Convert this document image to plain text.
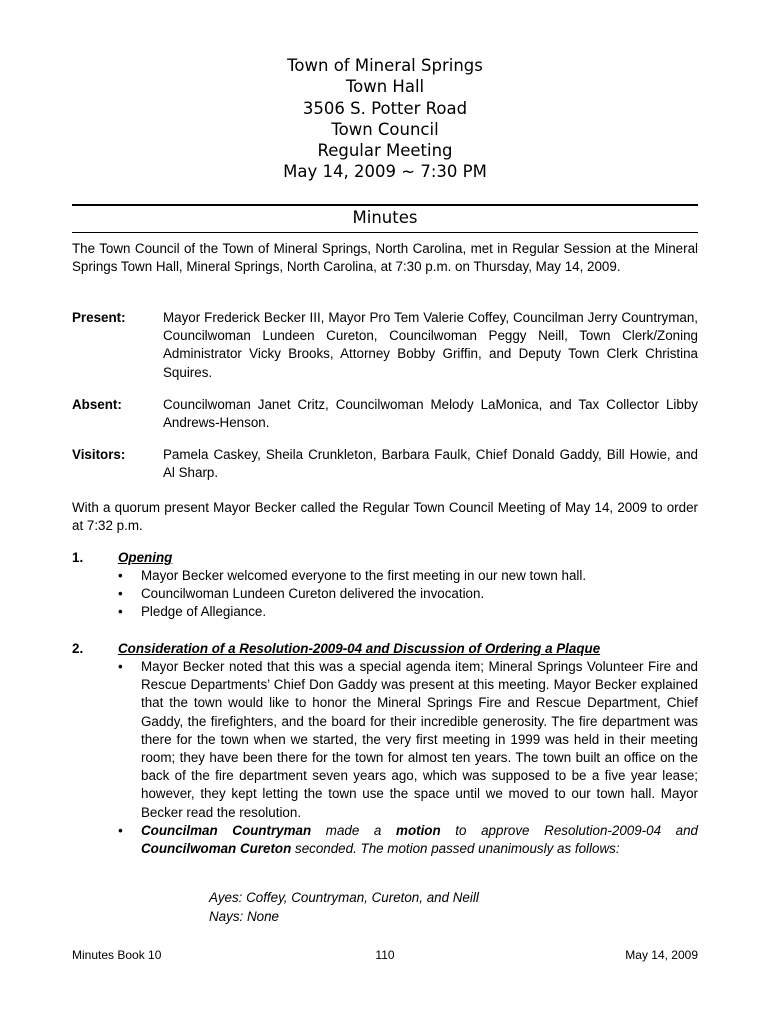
Town of Mineral Springs
Town Hall
3506 S. Potter Road
Town Council
Regular Meeting
May 14, 2009 ~ 7:30 PM
Minutes
The Town Council of the Town of Mineral Springs, North Carolina, met in Regular Session at the Mineral Springs Town Hall, Mineral Springs, North Carolina, at 7:30 p.m. on Thursday, May 14, 2009.
Present:	Mayor Frederick Becker III, Mayor Pro Tem Valerie Coffey, Councilman Jerry Countryman, Councilwoman Lundeen Cureton, Councilwoman Peggy Neill, Town Clerk/Zoning Administrator Vicky Brooks, Attorney Bobby Griffin, and Deputy Town Clerk Christina Squires.
Absent:	Councilwoman Janet Critz, Councilwoman Melody LaMonica, and Tax Collector Libby Andrews-Henson.
Visitors:	Pamela Caskey, Sheila Crunkleton, Barbara Faulk, Chief Donald Gaddy, Bill Howie, and Al Sharp.
With a quorum present Mayor Becker called the Regular Town Council Meeting of May 14, 2009 to order at 7:32 p.m.
1.	Opening
• Mayor Becker welcomed everyone to the first meeting in our new town hall.
• Councilwoman Lundeen Cureton delivered the invocation.
• Pledge of Allegiance.
2.	Consideration of a Resolution-2009-04 and Discussion of Ordering a Plaque
• Mayor Becker noted that this was a special agenda item; Mineral Springs Volunteer Fire and Rescue Departments’ Chief Don Gaddy was present at this meeting. Mayor Becker explained that the town would like to honor the Mineral Springs Fire and Rescue Department, Chief Gaddy, the firefighters, and the board for their incredible generosity. The fire department was there for the town when we started, the very first meeting in 1999 was held in their meeting room; they have been there for the town for almost ten years. The town built an office on the back of the fire department seven years ago, which was supposed to be a five year lease; however, they kept letting the town use the space until we moved to our town hall. Mayor Becker read the resolution.
• Councilman Countryman made a motion to approve Resolution-2009-04 and Councilwoman Cureton seconded. The motion passed unanimously as follows:
Ayes: Coffey, Countryman, Cureton, and Neill
Nays: None
Minutes Book 10	110	May 14, 2009
